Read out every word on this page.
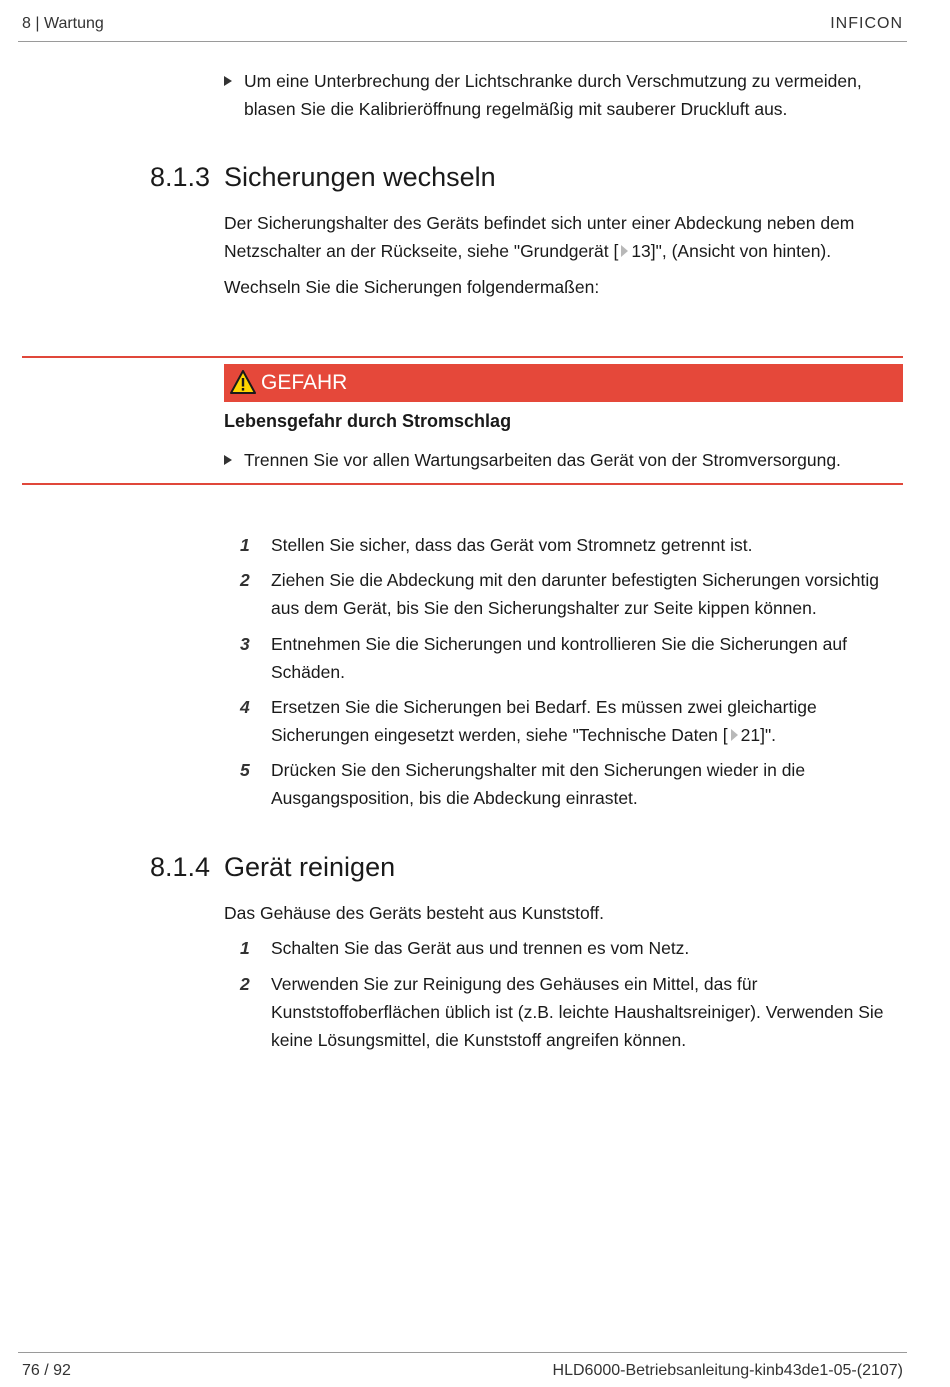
8 | Wartung	INFICON
Um eine Unterbrechung der Lichtschranke durch Verschmutzung zu vermeiden, blasen Sie die Kalibrieröffnung regelmäßig mit sauberer Druckluft aus.
8.1.3 Sicherungen wechseln
Der Sicherungshalter des Geräts befindet sich unter einer Abdeckung neben dem Netzschalter an der Rückseite, siehe "Grundgerät [ 13]", (Ansicht von hinten).
Wechseln Sie die Sicherungen folgendermaßen:
GEFAHR
Lebensgefahr durch Stromschlag
Trennen Sie vor allen Wartungsarbeiten das Gerät von der Stromversorgung.
1 Stellen Sie sicher, dass das Gerät vom Stromnetz getrennt ist.
2 Ziehen Sie die Abdeckung mit den darunter befestigten Sicherungen vorsichtig aus dem Gerät, bis Sie den Sicherungshalter zur Seite kippen können.
3 Entnehmen Sie die Sicherungen und kontrollieren Sie die Sicherungen auf Schäden.
4 Ersetzen Sie die Sicherungen bei Bedarf. Es müssen zwei gleichartige Sicherungen eingesetzt werden, siehe "Technische Daten [ 21]".
5 Drücken Sie den Sicherungshalter mit den Sicherungen wieder in die Ausgangsposition, bis die Abdeckung einrastet.
8.1.4 Gerät reinigen
Das Gehäuse des Geräts besteht aus Kunststoff.
1 Schalten Sie das Gerät aus und trennen es vom Netz.
2 Verwenden Sie zur Reinigung des Gehäuses ein Mittel, das für Kunststoffoberflächen üblich ist (z.B. leichte Haushaltsreiniger). Verwenden Sie keine Lösungsmittel, die Kunststoff angreifen können.
76 / 92	HLD6000-Betriebsanleitung-kinb43de1-05-(2107)
